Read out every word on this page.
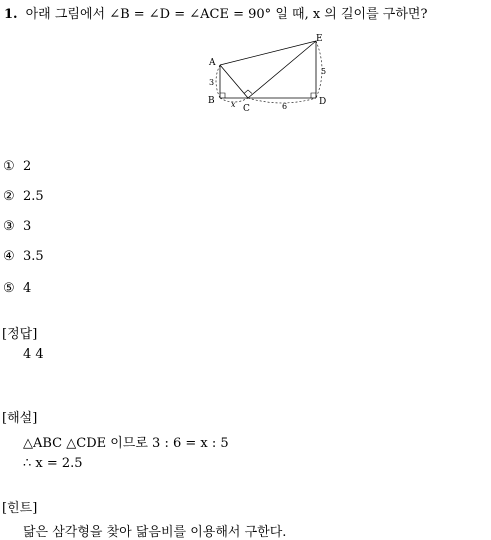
1. 아래 그림에서 ∠B = ∠D = ∠ACE = 90° 일 때, x 의 길이를 구하면?
A
B
C
D
E
3
x	6
5
① 2
② 2.5
③ 3
④ 3.5
⑤ 4
[정답]
4 4
[해설]
△ABC △CDE 이므로 3 : 6 = x : 5
∴ x = 2.5
[힌트]
닮은 삼각형을 찾아 닮음비를 이용해서 구한다.
